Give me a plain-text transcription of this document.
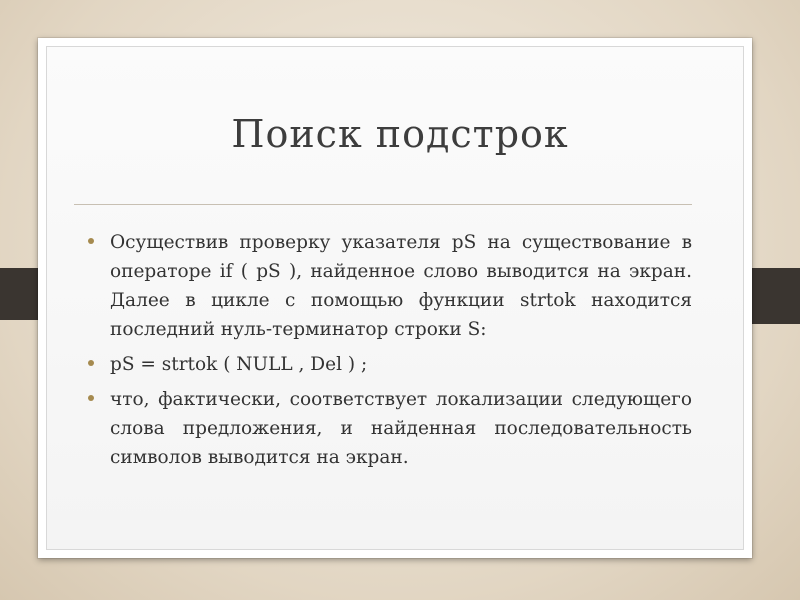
Поиск подстрок
Осуществив проверку указателя pS на существование в операторе if ( pS ), найденное слово выводится на экран. Далее в цикле с помощью функции strtok находится последний нуль-терминатор строки S:
pS = strtok ( NULL , Del ) ;
что, фактически, соответствует локализации следующего слова предложения, и найденная последовательность символов выводится на экран.
